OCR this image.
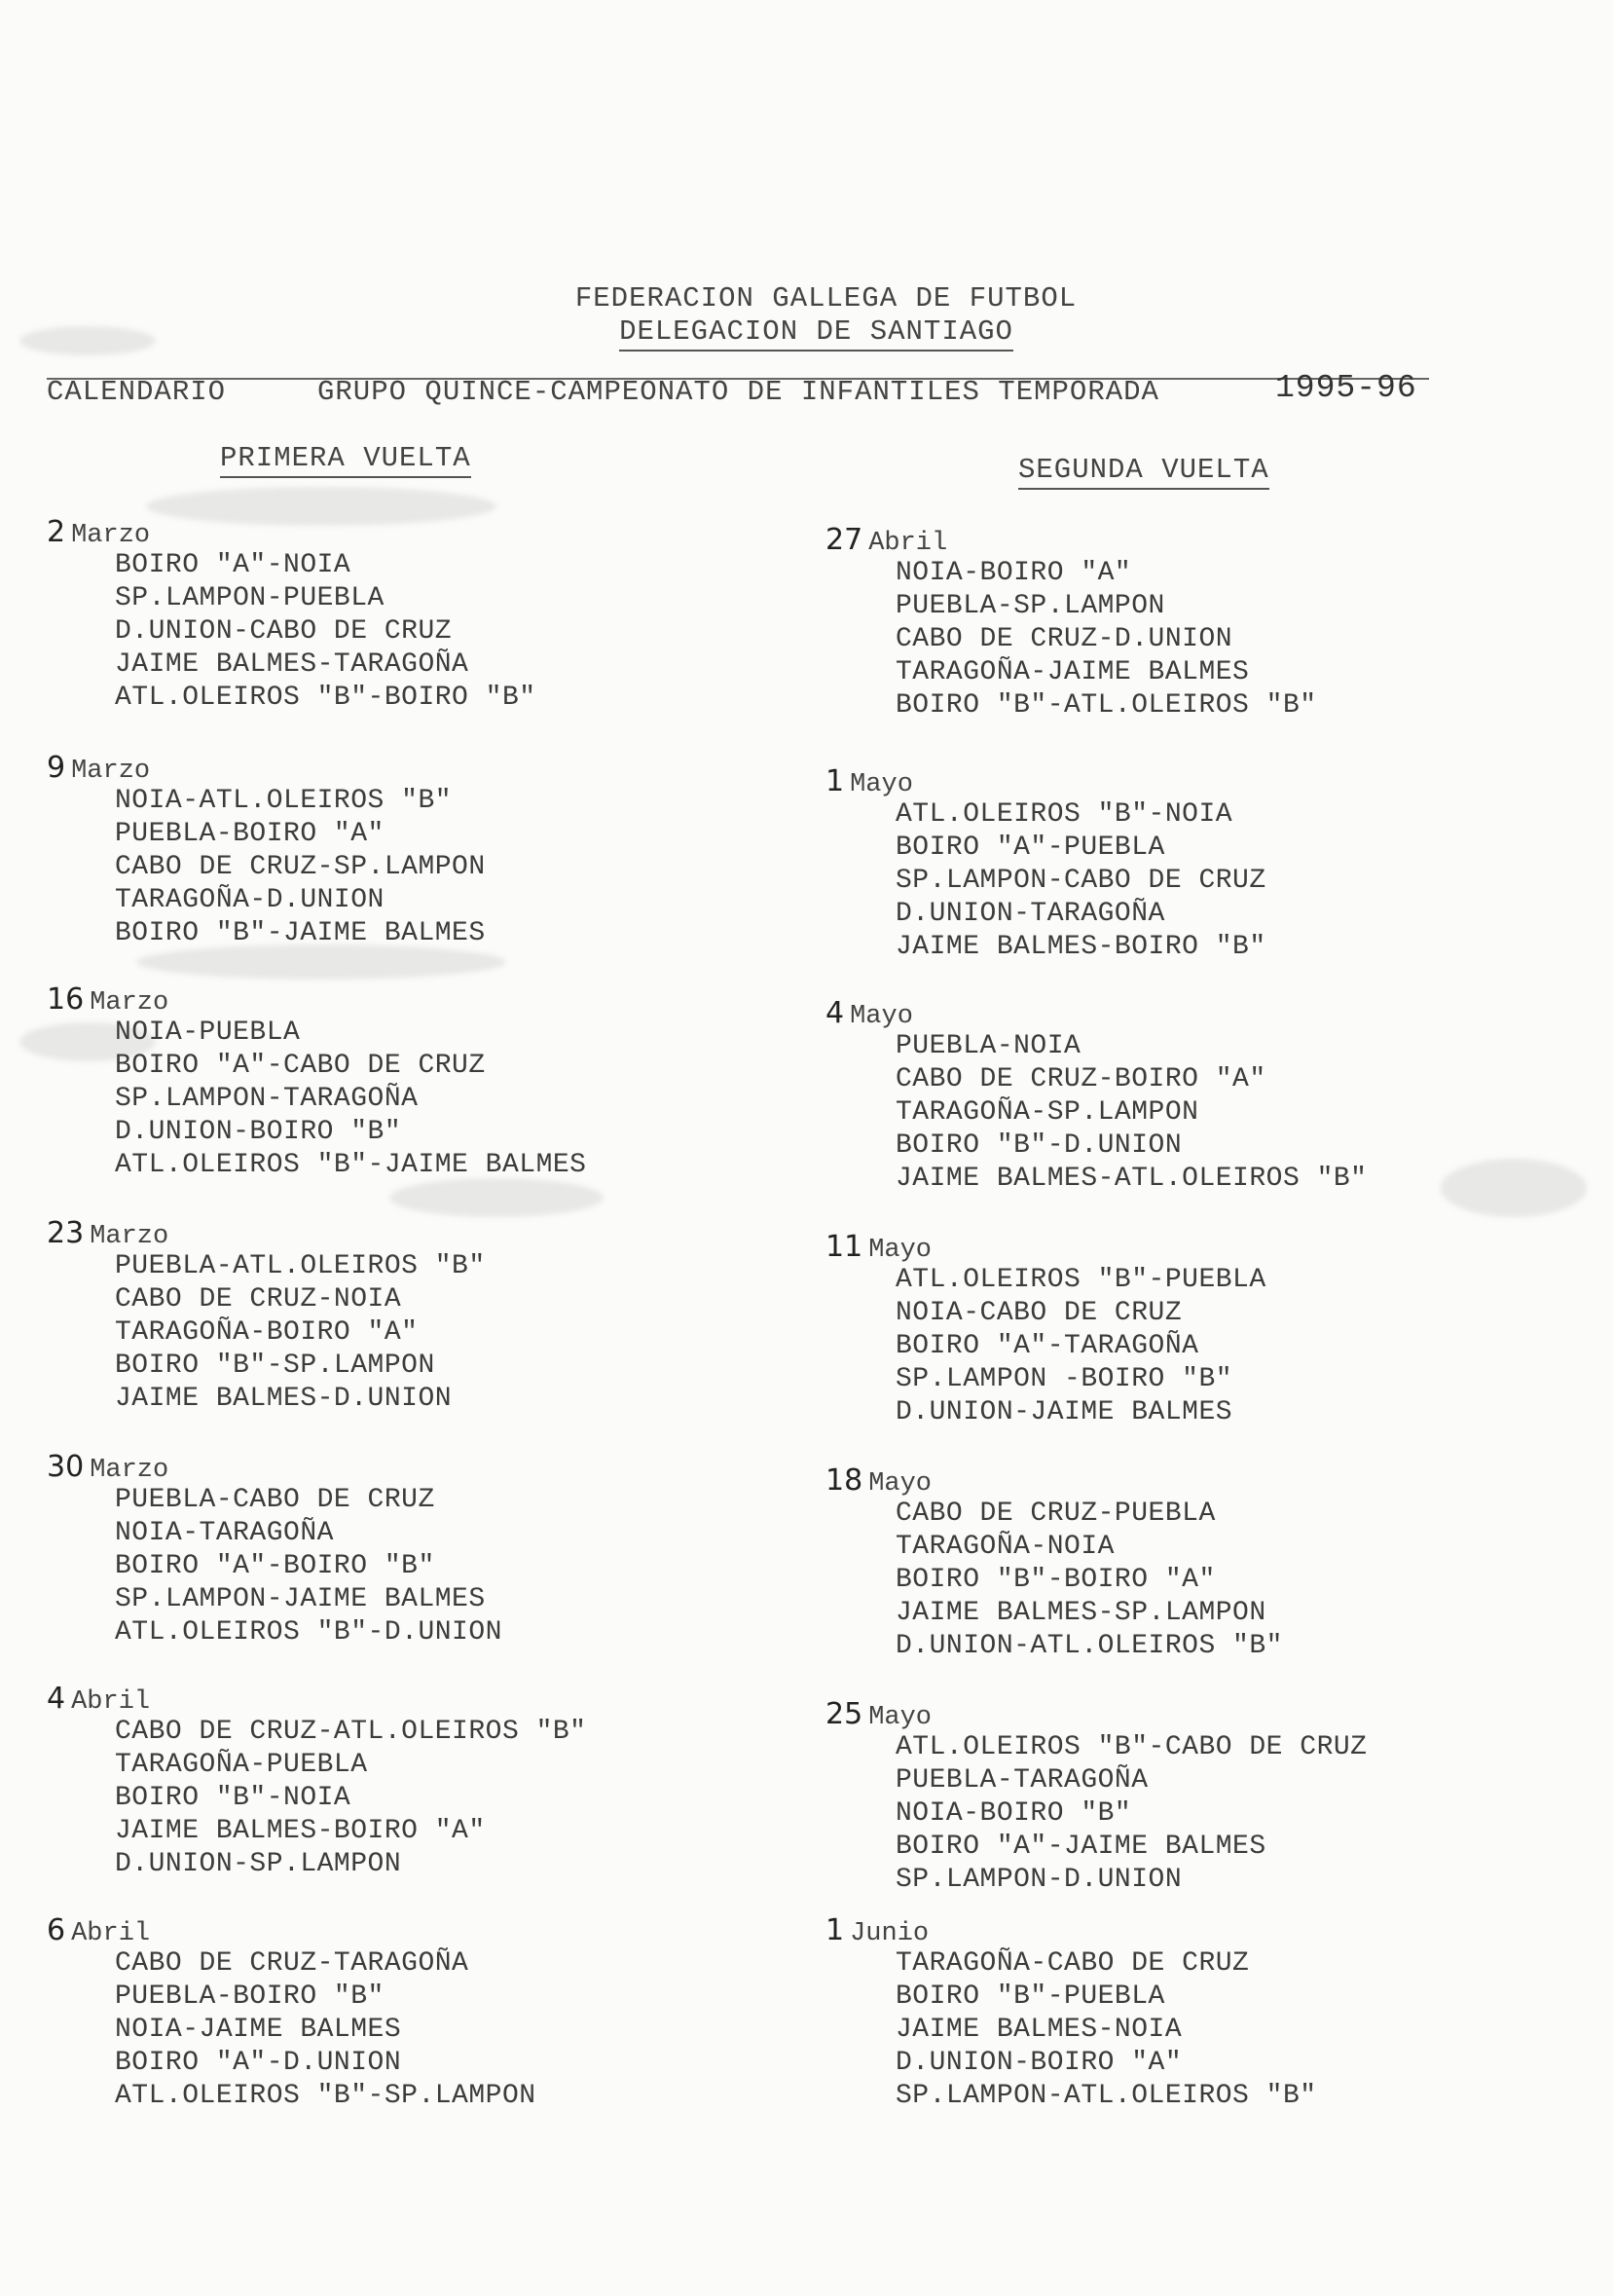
FEDERACION GALLEGA DE FUTBOL
DELEGACION DE SANTIAGO
CALENDARIO	GRUPO QUINCE-CAMPEONATO DE INFANTILES TEMPORADA	1995-96
PRIMERA VUELTA	SEGUNDA VUELTA
2 Marzo
BOIRO "A"-NOIA
SP.LAMPON-PUEBLA
D.UNION-CABO DE CRUZ
JAIME BALMES-TARAGOÑA
ATL.OLEIROS "B"-BOIRO "B"
9 Marzo
NOIA-ATL.OLEIROS "B"
PUEBLA-BOIRO "A"
CABO DE CRUZ-SP.LAMPON
TARAGOÑA-D.UNION
BOIRO "B"-JAIME BALMES
16 Marzo
NOIA-PUEBLA
BOIRO "A"-CABO DE CRUZ
SP.LAMPON-TARAGOÑA
D.UNION-BOIRO "B"
ATL.OLEIROS "B"-JAIME BALMES
23 Marzo
PUEBLA-ATL.OLEIROS "B"
CABO DE CRUZ-NOIA
TARAGOÑA-BOIRO "A"
BOIRO "B"-SP.LAMPON
JAIME BALMES-D.UNION
30 Marzo
PUEBLA-CABO DE CRUZ
NOIA-TARAGOÑA
BOIRO "A"-BOIRO "B"
SP.LAMPON-JAIME BALMES
ATL.OLEIROS "B"-D.UNION
4 Abril
CABO DE CRUZ-ATL.OLEIROS "B"
TARAGOÑA-PUEBLA
BOIRO "B"-NOIA
JAIME BALMES-BOIRO "A"
D.UNION-SP.LAMPON
6 Abril
CABO DE CRUZ-TARAGOÑA
PUEBLA-BOIRO "B"
NOIA-JAIME BALMES
BOIRO "A"-D.UNION
ATL.OLEIROS "B"-SP.LAMPON
27 Abril
NOIA-BOIRO "A"
PUEBLA-SP.LAMPON
CABO DE CRUZ-D.UNION
TARAGOÑA-JAIME BALMES
BOIRO "B"-ATL.OLEIROS "B"
1 Mayo
ATL.OLEIROS "B"-NOIA
BOIRO "A"-PUEBLA
SP.LAMPON-CABO DE CRUZ
D.UNION-TARAGOÑA
JAIME BALMES-BOIRO "B"
4 Mayo
PUEBLA-NOIA
CABO DE CRUZ-BOIRO "A"
TARAGOÑA-SP.LAMPON
BOIRO "B"-D.UNION
JAIME BALMES-ATL.OLEIROS "B"
11 Mayo
ATL.OLEIROS "B"-PUEBLA
NOIA-CABO DE CRUZ
BOIRO "A"-TARAGOÑA
SP.LAMPON -BOIRO "B"
D.UNION-JAIME BALMES
18 Mayo
CABO DE CRUZ-PUEBLA
TARAGOÑA-NOIA
BOIRO "B"-BOIRO "A"
JAIME BALMES-SP.LAMPON
D.UNION-ATL.OLEIROS "B"
25 Mayo
ATL.OLEIROS "B"-CABO DE CRUZ
PUEBLA-TARAGOÑA
NOIA-BOIRO "B"
BOIRO "A"-JAIME BALMES
SP.LAMPON-D.UNION
1 Junio
TARAGOÑA-CABO DE CRUZ
BOIRO "B"-PUEBLA
JAIME BALMES-NOIA
D.UNION-BOIRO "A"
SP.LAMPON-ATL.OLEIROS "B"
